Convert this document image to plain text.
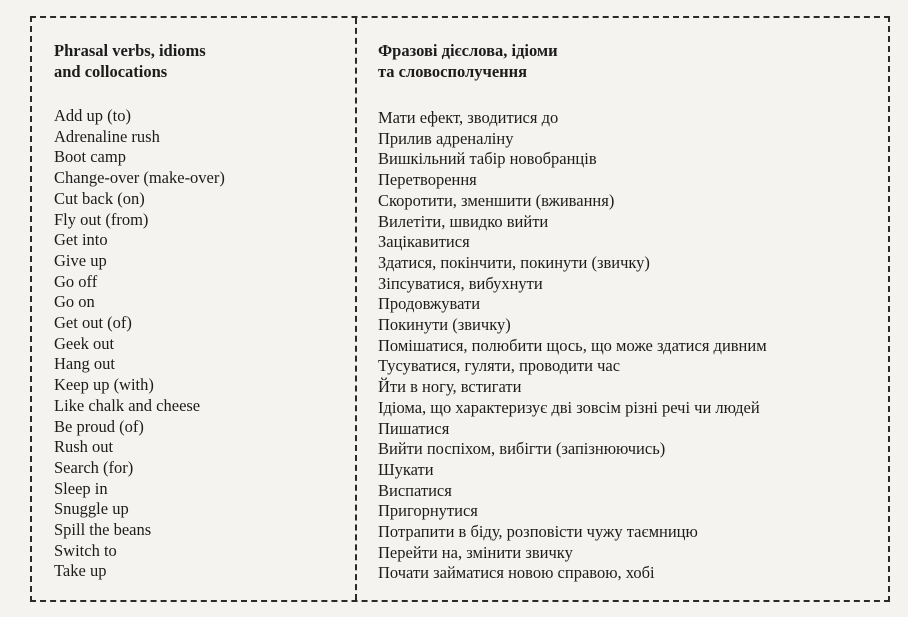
Phrasal verbs, idioms
and collocations

Add up (to)
Adrenaline rush
Boot camp
Change-over (make-over)
Cut back (on)
Fly out (from)
Get into
Give up
Go off
Go on
Get out (of)
Geek out
Hang out
Keep up (with)
Like chalk and cheese
Be proud (of)
Rush out
Search (for)
Sleep in
Snuggle up
Spill the beans
Switch to
Take up

Фразові дієслова, ідіоми
та словосполучення

Мати ефект, зводитися до
Прилив адреналіну
Вишкільний табір новобранців
Перетворення
Скоротити, зменшити (вживання)
Вилетіти, швидко вийти
Зацікавитися
Здатися, покінчити, покинути (звичку)
Зіпсуватися, вибухнути
Продовжувати
Покинути (звичку)
Помішатися, полюбити щось, що може здатися дивним
Тусуватися, гуляти, проводити час
Йти в ногу, встигати
Ідіома, що характеризує дві зовсім різні речі чи людей
Пишатися
Вийти поспіхом, вибігти (запізнюючись)
Шукати
Виспатися
Пригорнутися
Потрапити в біду, розповісти чужу таємницю
Перейти на, змінити звичку
Почати займатися новою справою, хобі
